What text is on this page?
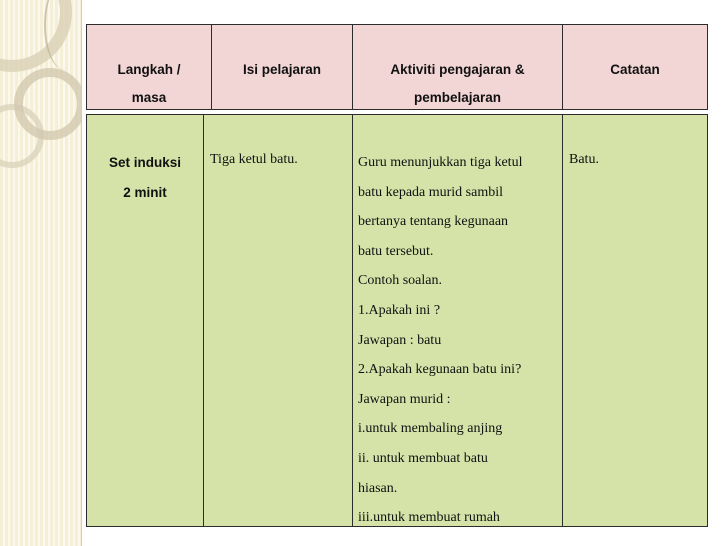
Langkah /
masa
Isi pelajaran	Aktiviti pengajaran &
pembelajaran
Catatan
Set induksi
2 minit
Tiga ketul batu.	Guru menunjukkan tiga ketul
batu kepada murid sambil
bertanya tentang kegunaan
batu tersebut.
Contoh soalan.
1.Apakah ini ?
Jawapan : batu
2.Apakah kegunaan batu ini?
Jawapan murid :
i.untuk membaling anjing
ii. untuk membuat batu
hiasan.
iii.untuk membuat rumah
Batu.
